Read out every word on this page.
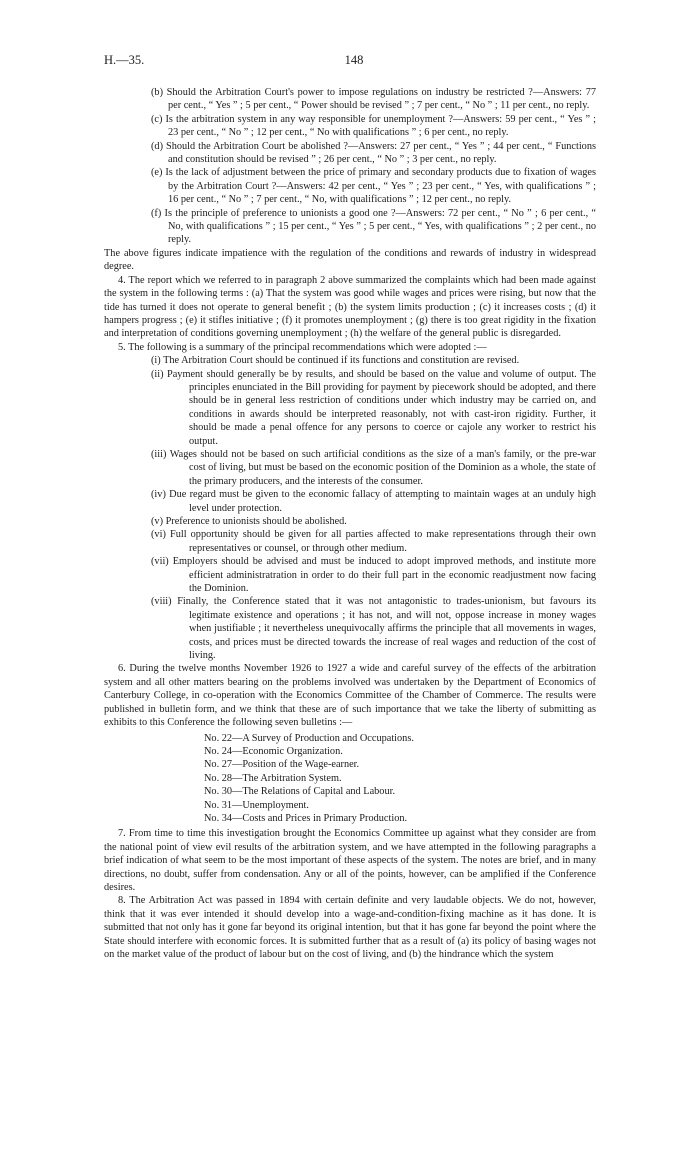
H.—35.	148

(b) Should the Arbitration Court's power to impose regulations on industry be restricted ?—Answers: 77 per cent., “ Yes ” ; 5 per cent., “ Power should be revised ” ; 7 per cent., “ No ” ; 11 per cent., no reply.

(c) Is the arbitration system in any way responsible for unemployment ?—Answers: 59 per cent., “ Yes ” ; 23 per cent., “ No ” ; 12 per cent., “ No with qualifications ” ; 6 per cent., no reply.

(d) Should the Arbitration Court be abolished ?—Answers: 27 per cent., “ Yes ” ; 44 per cent., “ Functions and constitution should be revised ” ; 26 per cent., “ No ” ; 3 per cent., no reply.

(e) Is the lack of adjustment between the price of primary and secondary products due to fixation of wages by the Arbitration Court ?—Answers: 42 per cent., “ Yes ” ; 23 per cent., “ Yes, with qualifications ” ; 16 per cent., “ No ” ; 7 per cent., “ No, with qualifications ” ; 12 per cent., no reply.

(f) Is the principle of preference to unionists a good one ?—Answers: 72 per cent., “ No ” ; 6 per cent., “ No, with qualifications ” ; 15 per cent., “ Yes ” ; 5 per cent., “ Yes, with qualifications ” ; 2 per cent., no reply.

The above figures indicate impatience with the regulation of the conditions and rewards of industry in widespread degree.

4. The report which we referred to in paragraph 2 above summarized the complaints which had been made against the system in the following terms : (a) That the system was good while wages and prices were rising, but now that the tide has turned it does not operate to general benefit ; (b) the system limits production ; (c) it increases costs ; (d) it hampers progress ; (e) it stifles initiative ; (f) it promotes unemployment ; (g) there is too great rigidity in the fixation and interpretation of conditions governing unemployment ; (h) the welfare of the general public is disregarded.

5. The following is a summary of the principal recommendations which were adopted :—

(i) The Arbitration Court should be continued if its functions and constitution are revised.

(ii) Payment should generally be by results, and should be based on the value and volume of output. The principles enunciated in the Bill providing for payment by piecework should be adopted, and there should be in general less restriction of conditions under which industry may be carried on, and conditions in awards should be interpreted reasonably, not with cast-iron rigidity. Further, it should be made a penal offence for any persons to coerce or cajole any worker to restrict his output.

(iii) Wages should not be based on such artificial conditions as the size of a man's family, or the pre-war cost of living, but must be based on the economic position of the Dominion as a whole, the state of the primary producers, and the interests of the consumer.

(iv) Due regard must be given to the economic fallacy of attempting to maintain wages at an unduly high level under protection.

(v) Preference to unionists should be abolished.

(vi) Full opportunity should be given for all parties affected to make representations through their own representatives or counsel, or through other medium.

(vii) Employers should be advised and must be induced to adopt improved methods, and institute more efficient administratration in order to do their full part in the economic readjustment now facing the Dominion.

(viii) Finally, the Conference stated that it was not antagonistic to trades-unionism, but favours its legitimate existence and operations ; it has not, and will not, oppose increase in money wages when justifiable ; it nevertheless unequivocally affirms the principle that all movements in wages, costs, and prices must be directed towards the increase of real wages and reduction of the cost of living.

6. During the twelve months November 1926 to 1927 a wide and careful survey of the effects of the arbitration system and all other matters bearing on the problems involved was undertaken by the Department of Economics of Canterbury College, in co-operation with the Economics Committee of the Chamber of Commerce. The results were published in bulletin form, and we think that these are of such importance that we take the liberty of submitting as exhibits to this Conference the following seven bulletins :—

No. 22—A Survey of Production and Occupations.
No. 24—Economic Organization.
No. 27—Position of the Wage-earner.
No. 28—The Arbitration System.
No. 30—The Relations of Capital and Labour.
No. 31—Unemployment.
No. 34—Costs and Prices in Primary Production.

7. From time to time this investigation brought the Economics Committee up against what they consider are from the national point of view evil results of the arbitration system, and we have attempted in the following paragraphs a brief indication of what seem to be the most important of these aspects of the system. The notes are brief, and in many directions, no doubt, suffer from condensation. Any or all of the points, however, can be amplified if the Conference desires.

8. The Arbitration Act was passed in 1894 with certain definite and very laudable objects. We do not, however, think that it was ever intended it should develop into a wage-and-condition-fixing machine as it has done. It is submitted that not only has it gone far beyond its original intention, but that it has gone far beyond the point where the State should interfere with economic forces. It is submitted further that as a result of (a) its policy of basing wages not on the market value of the product of labour but on the cost of living, and (b) the hindrance which the system
